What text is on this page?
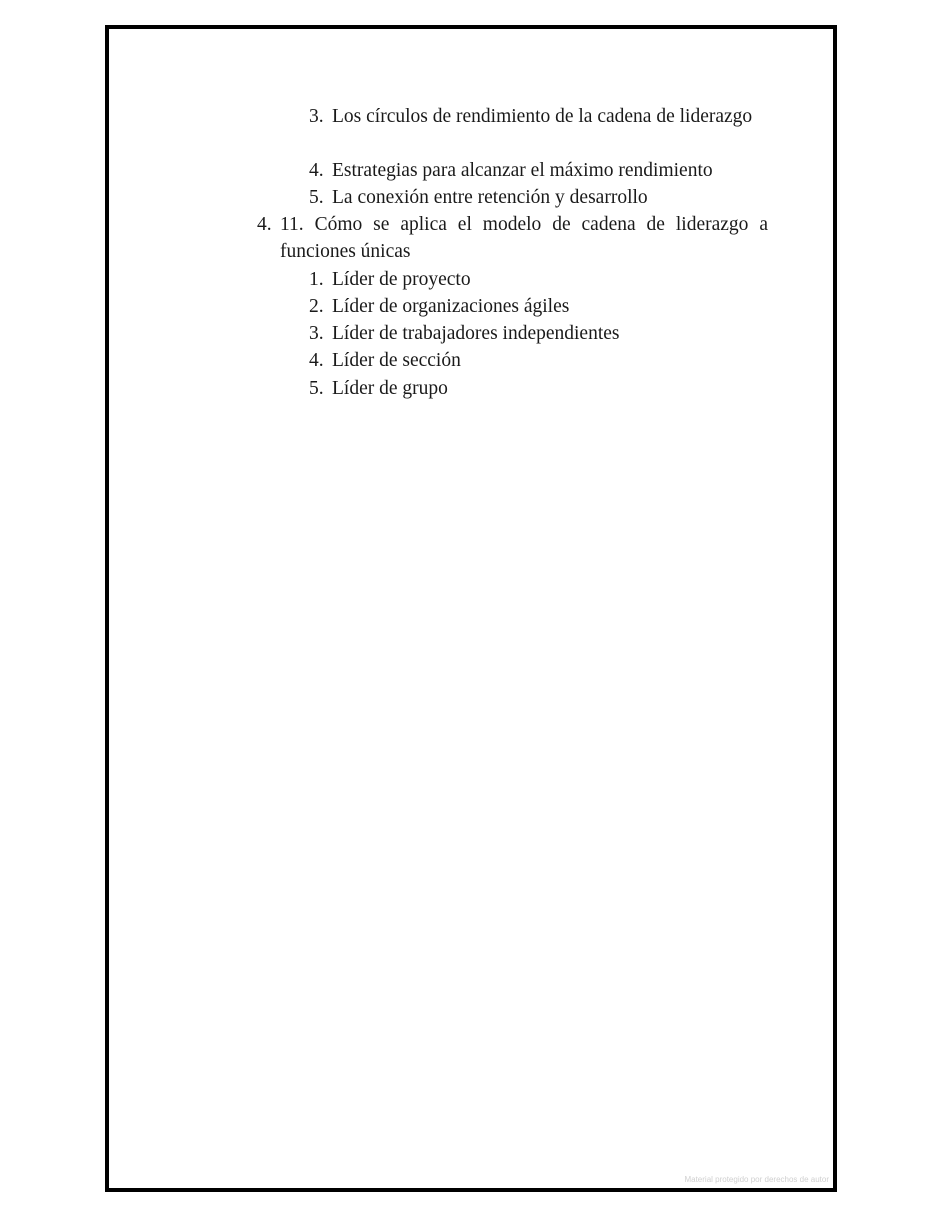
3. Los círculos de rendimiento de la cadena de liderazgo
4. Estrategias para alcanzar el máximo rendimiento
5. La conexión entre retención y desarrollo
4. 11. Cómo se aplica el modelo de cadena de liderazgo a funciones únicas
1. Líder de proyecto
2. Líder de organizaciones ágiles
3. Líder de trabajadores independientes
4. Líder de sección
5. Líder de grupo
Material protegido por derechos de autor
